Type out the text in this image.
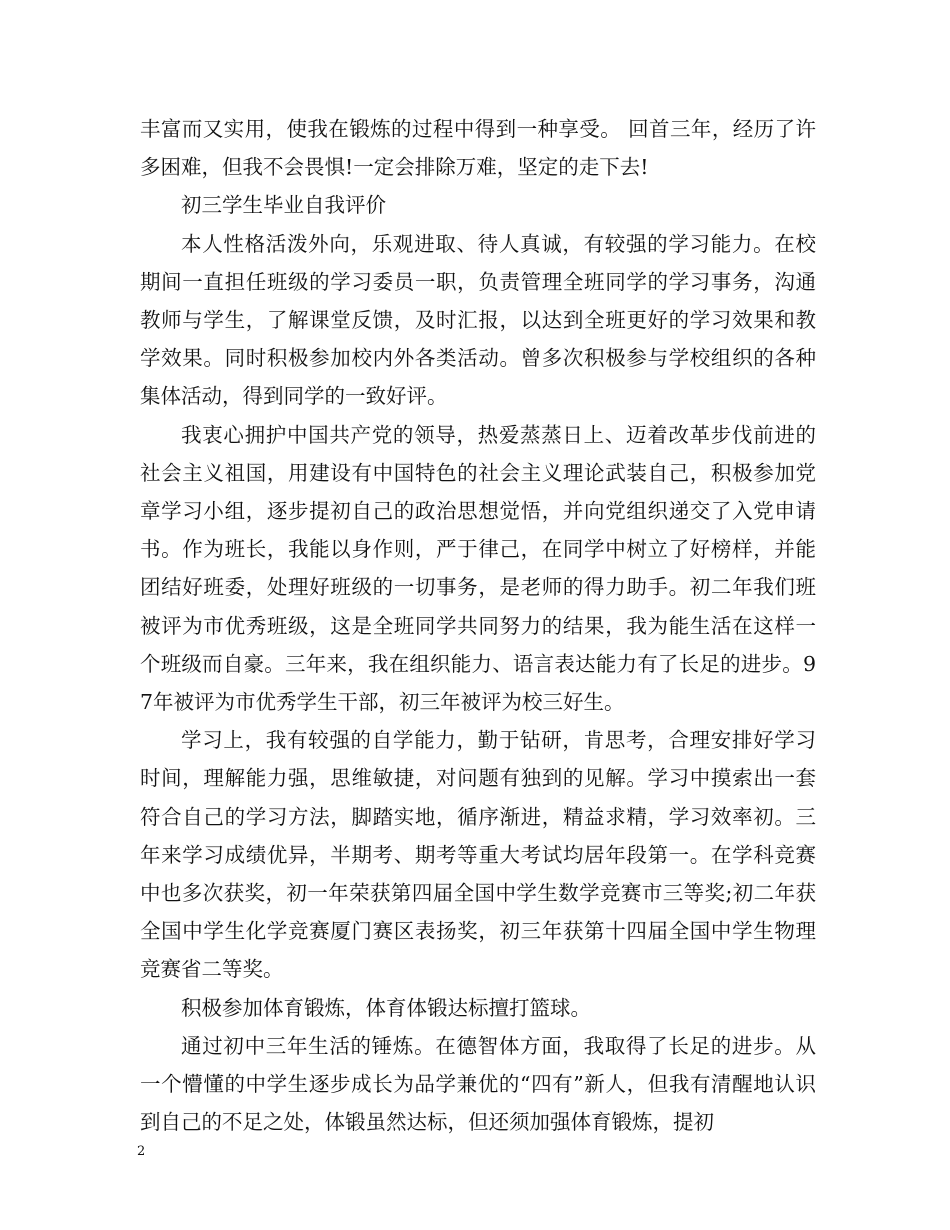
丰富而又实用，使我在锻炼的过程中得到一种享受。 回首三年，经历了许多困难，但我不会畏惧!一定会排除万难，坚定的走下去!

初三学生毕业自我评价

本人性格活泼外向，乐观进取、待人真诚，有较强的学习能力。在校期间一直担任班级的学习委员一职，负责管理全班同学的学习事务，沟通教师与学生，了解课堂反馈，及时汇报，以达到全班更好的学习效果和教学效果。同时积极参加校内外各类活动。曾多次积极参与学校组织的各种集体活动，得到同学的一致好评。

我衷心拥护中国共产党的领导，热爱蒸蒸日上、迈着改革步伐前进的社会主义祖国，用建设有中国特色的社会主义理论武装自己，积极参加党章学习小组，逐步提初自己的政治思想觉悟，并向党组织递交了入党申请书。作为班长，我能以身作则，严于律己，在同学中树立了好榜样，并能团结好班委，处理好班级的一切事务，是老师的得力助手。初二年我们班被评为市优秀班级，这是全班同学共同努力的结果，我为能生活在这样一个班级而自豪。三年来，我在组织能力、语言表达能力有了长足的进步。97年被评为市优秀学生干部，初三年被评为校三好生。

学习上，我有较强的自学能力，勤于钻研，肯思考，合理安排好学习时间，理解能力强，思维敏捷，对问题有独到的见解。学习中摸索出一套符合自己的学习方法，脚踏实地，循序渐进，精益求精，学习效率初。三年来学习成绩优异，半期考、期考等重大考试均居年段第一。在学科竞赛中也多次获奖，初一年荣获第四届全国中学生数学竞赛市三等奖;初二年获全国中学生化学竞赛厦门赛区表扬奖，初三年获第十四届全国中学生物理竞赛省二等奖。

积极参加体育锻炼，体育体锻达标擅打篮球。

通过初中三年生活的锤炼。在德智体方面，我取得了长足的进步。从一个懵懂的中学生逐步成长为品学兼优的“四有”新人，但我有清醒地认识到自己的不足之处，体锻虽然达标，但还须加强体育锻炼，提初

2
